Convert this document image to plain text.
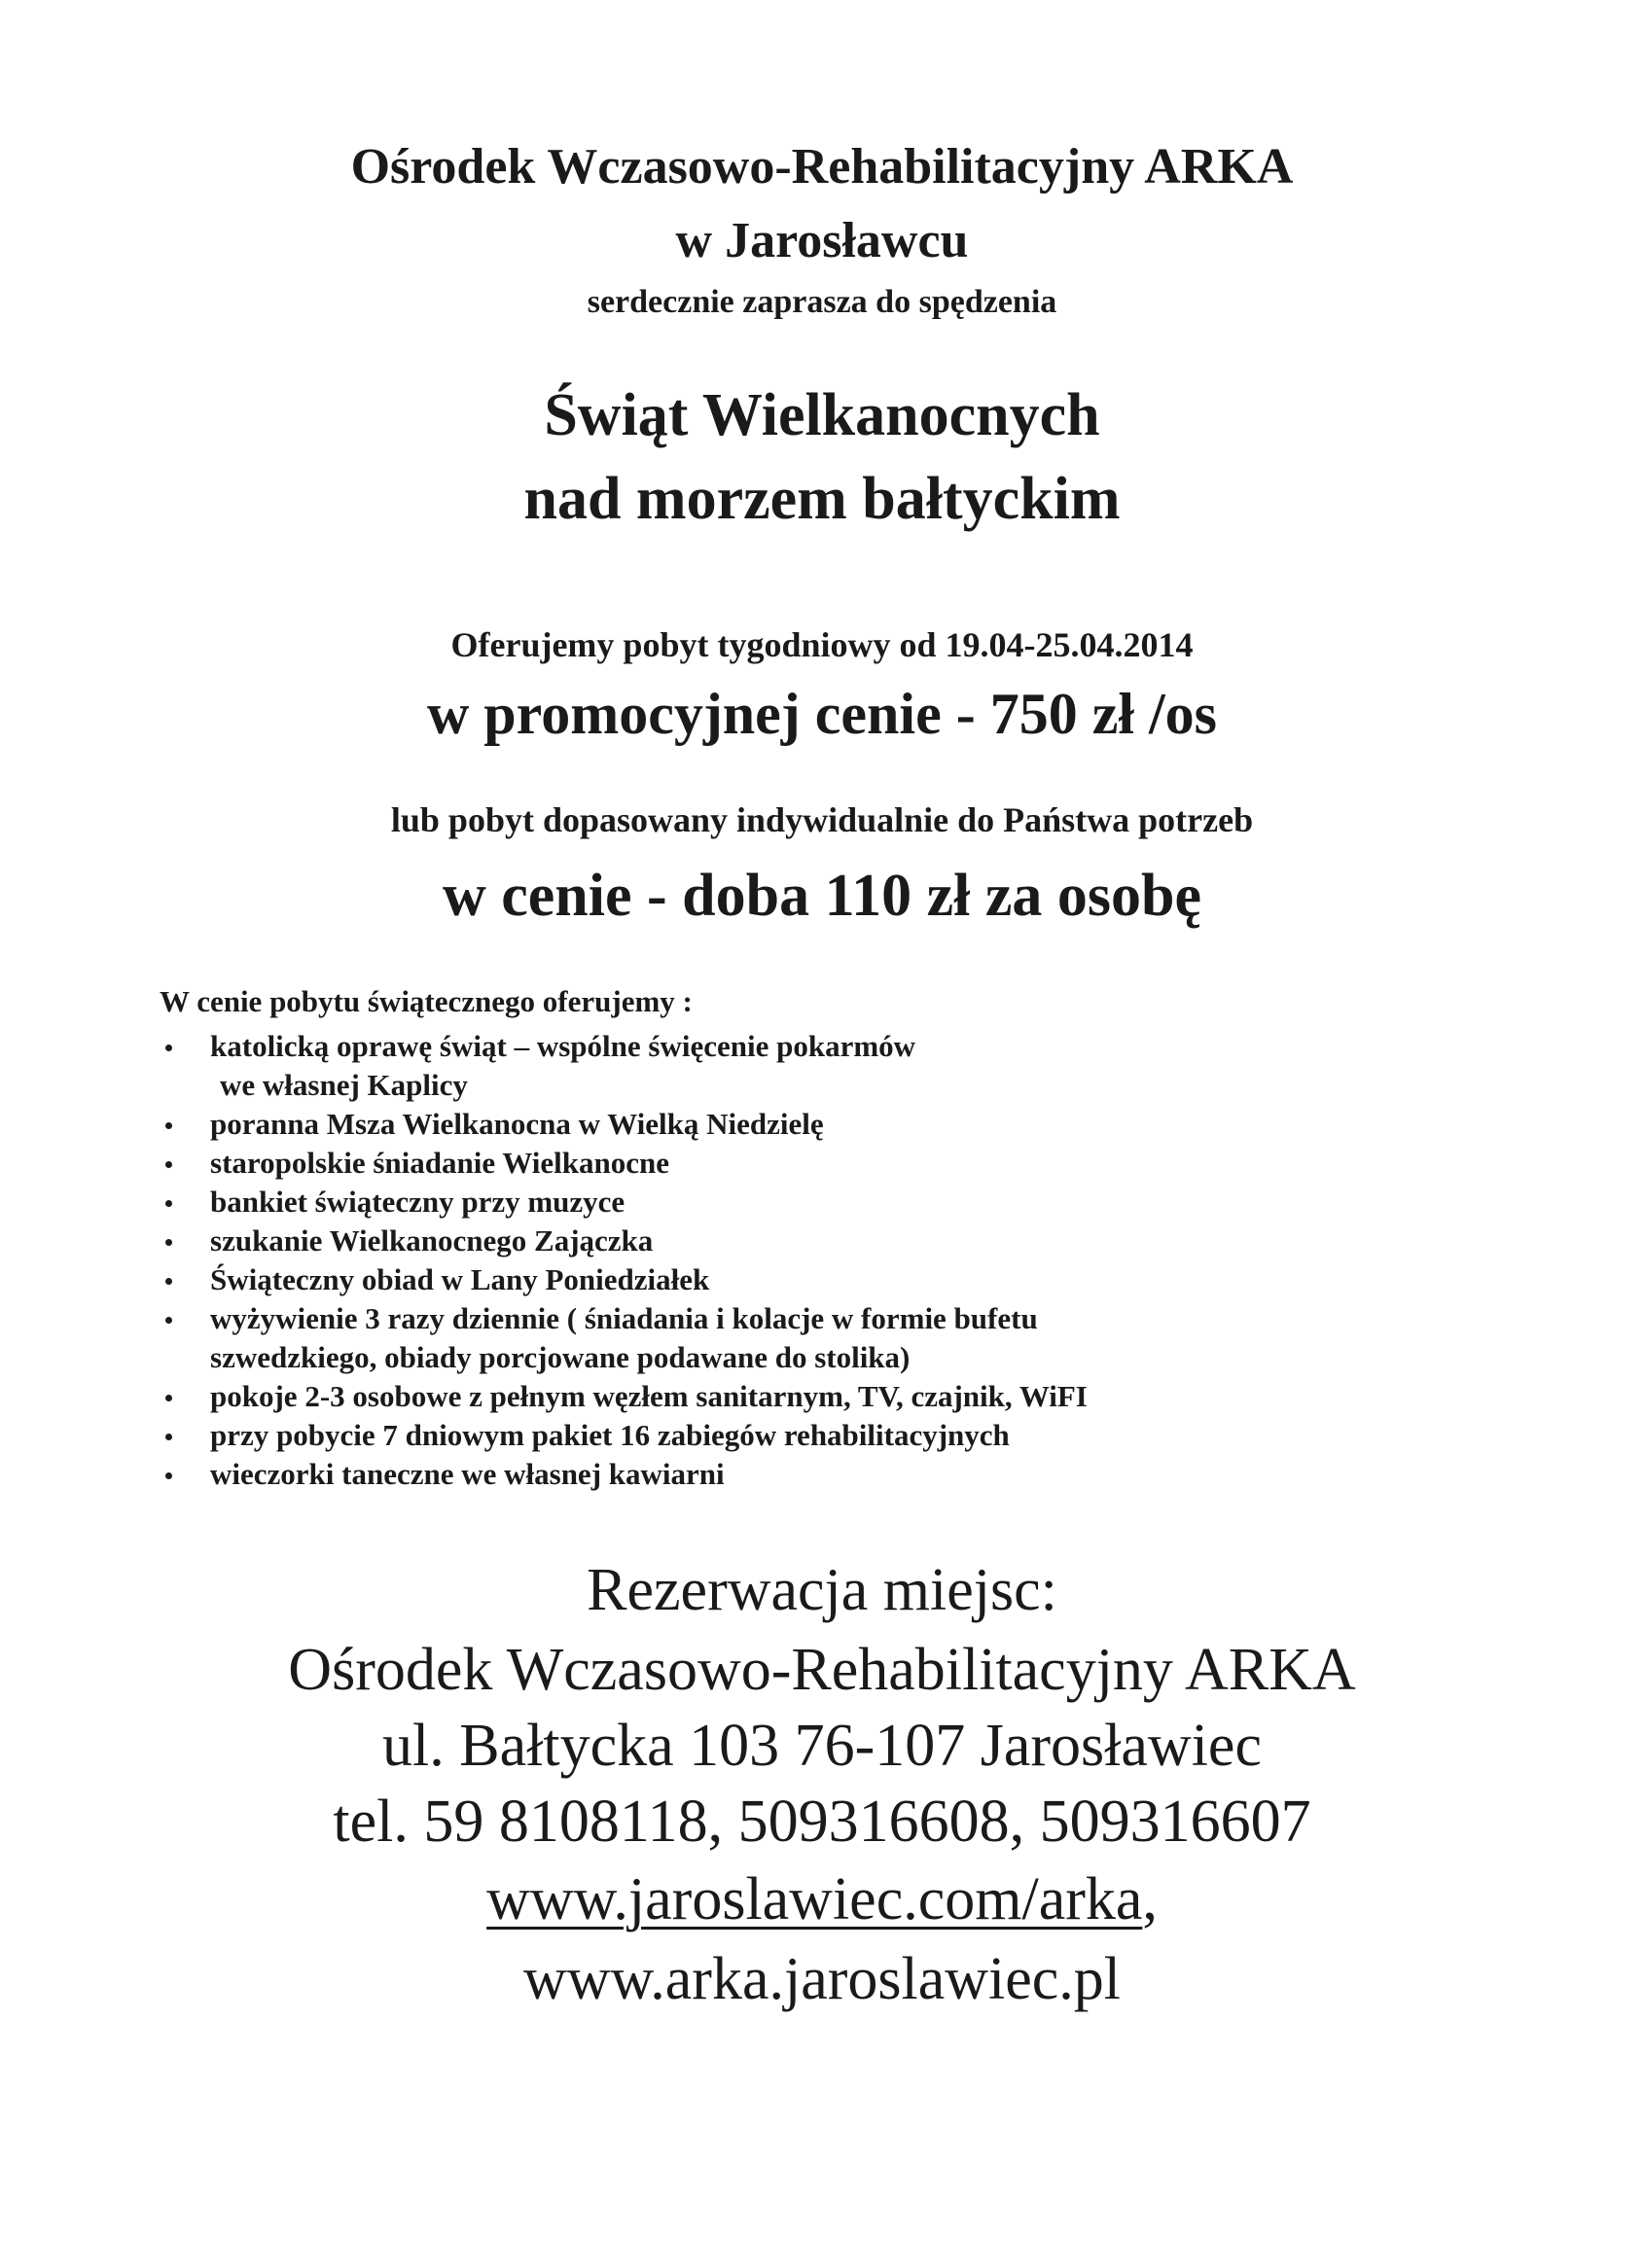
Ośrodek Wczasowo-Rehabilitacyjny ARKA
w Jarosławcu
serdecznie zaprasza do spędzenia
Świąt Wielkanocnych
nad morzem bałtyckim
Oferujemy pobyt tygodniowy od 19.04-25.04.2014
w promocyjnej cenie - 750 zł /os
lub pobyt dopasowany indywidualnie do Państwa potrzeb
w cenie - doba 110 zł za osobę
W cenie pobytu świątecznego oferujemy :
katolicką oprawę świąt – wspólne święcenie pokarmów
we własnej Kaplicy
poranna Msza Wielkanocna w Wielką Niedzielę
staropolskie śniadanie Wielkanocne
bankiet świąteczny przy muzyce
szukanie Wielkanocnego Zajączka
Świąteczny obiad w Lany Poniedziałek
wyżywienie 3 razy dziennie ( śniadania i kolacje w formie bufetu
szwedzkiego, obiady porcjowane podawane do stolika)
pokoje 2-3 osobowe z pełnym węzłem sanitarnym, TV, czajnik, WiFI
przy pobycie 7 dniowym pakiet 16 zabiegów rehabilitacyjnych
wieczorki taneczne we własnej kawiarni
Rezerwacja miejsc:
Ośrodek Wczasowo-Rehabilitacyjny ARKA
ul. Bałtycka 103 76-107 Jarosławiec
tel. 59 8108118, 509316608, 509316607
www.jaroslawiec.com/arka,
www.arka.jaroslawiec.pl
